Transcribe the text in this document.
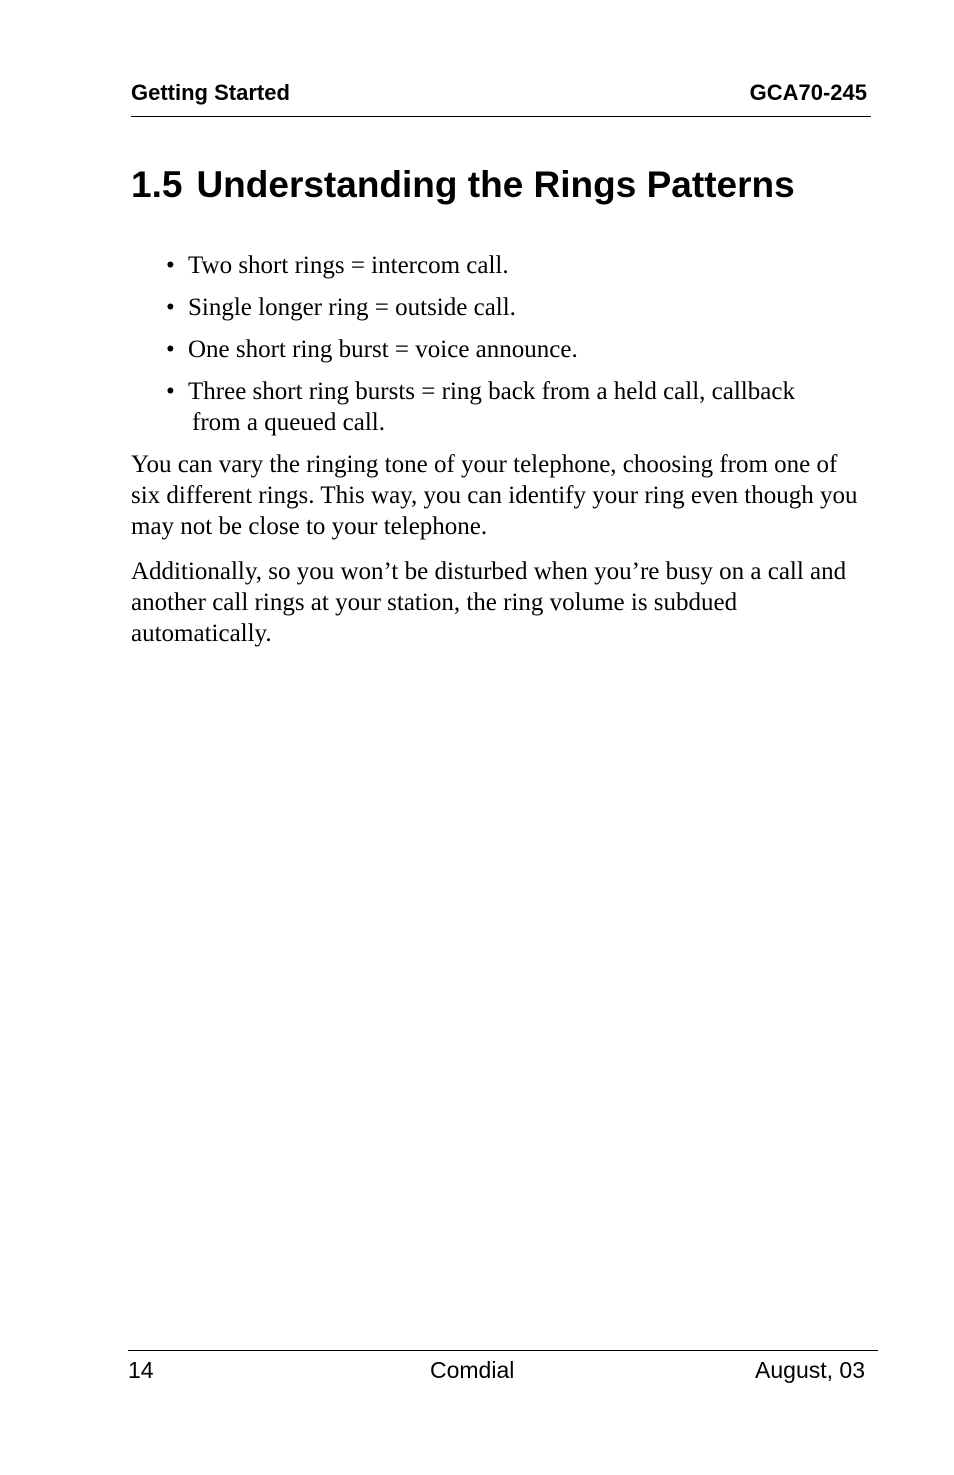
Getting Started	GCA70-245
1.5 Understanding the Rings Patterns
• Two short rings = intercom call.
• Single longer ring = outside call.
• One short ring burst = voice announce.
• Three short ring bursts = ring back from a held call, callback
from a queued call.

You can vary the ringing tone of your telephone, choosing from one of six different rings. This way, you can identify your ring even though you may not be close to your telephone.

Additionally, so you won’t be disturbed when you’re busy on a call and another call rings at your station, the ring volume is subdued automatically.

14	Comdial	August, 03
